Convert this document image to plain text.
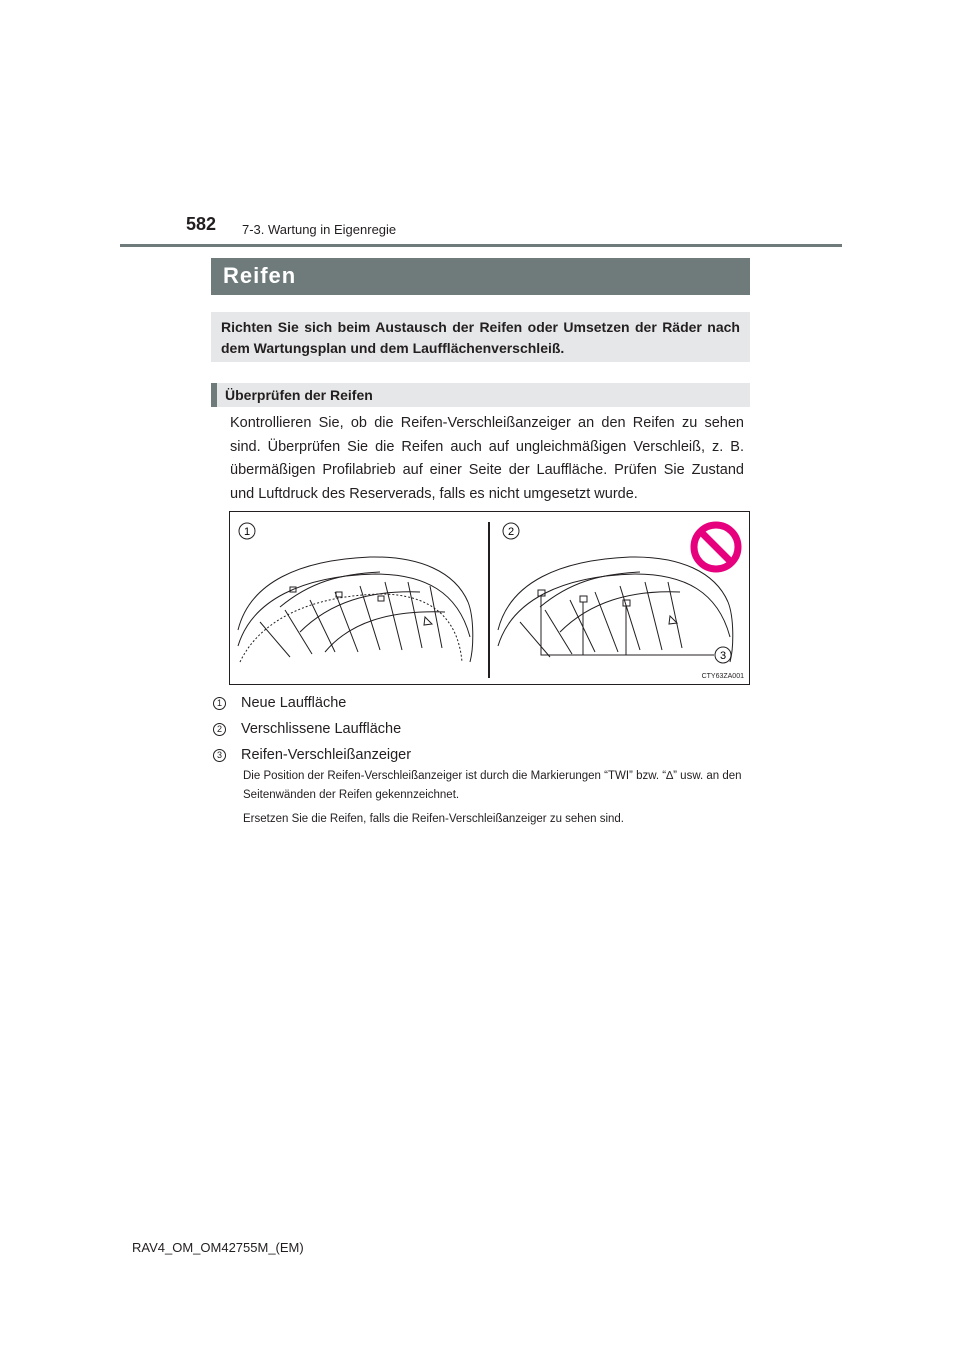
582 7-3. Wartung in Eigenregie
Reifen
Richten Sie sich beim Austausch der Reifen oder Umsetzen der Räder nach dem Wartungsplan und dem Laufflächenverschleiß.
Überprüfen der Reifen
Kontrollieren Sie, ob die Reifen-Verschleißanzeiger an den Reifen zu sehen sind. Überprüfen Sie die Reifen auch auf ungleichmäßigen Verschleiß, z. B. übermäßigen Profilabrieb auf einer Seite der Lauffläche. Prüfen Sie Zustand und Luftdruck des Reserverads, falls es nicht umgesetzt wurde.
1	2
3
CTY63ZA001
1 Neue Lauffläche
2 Verschlissene Lauffläche
3 Reifen-Verschleißanzeiger
Die Position der Reifen-Verschleißanzeiger ist durch die Markierungen “TWI” bzw. “∆” usw. an den Seitenwänden der Reifen gekennzeichnet.
Ersetzen Sie die Reifen, falls die Reifen-Verschleißanzeiger zu sehen sind.
RAV4_OM_OM42755M_(EM)
